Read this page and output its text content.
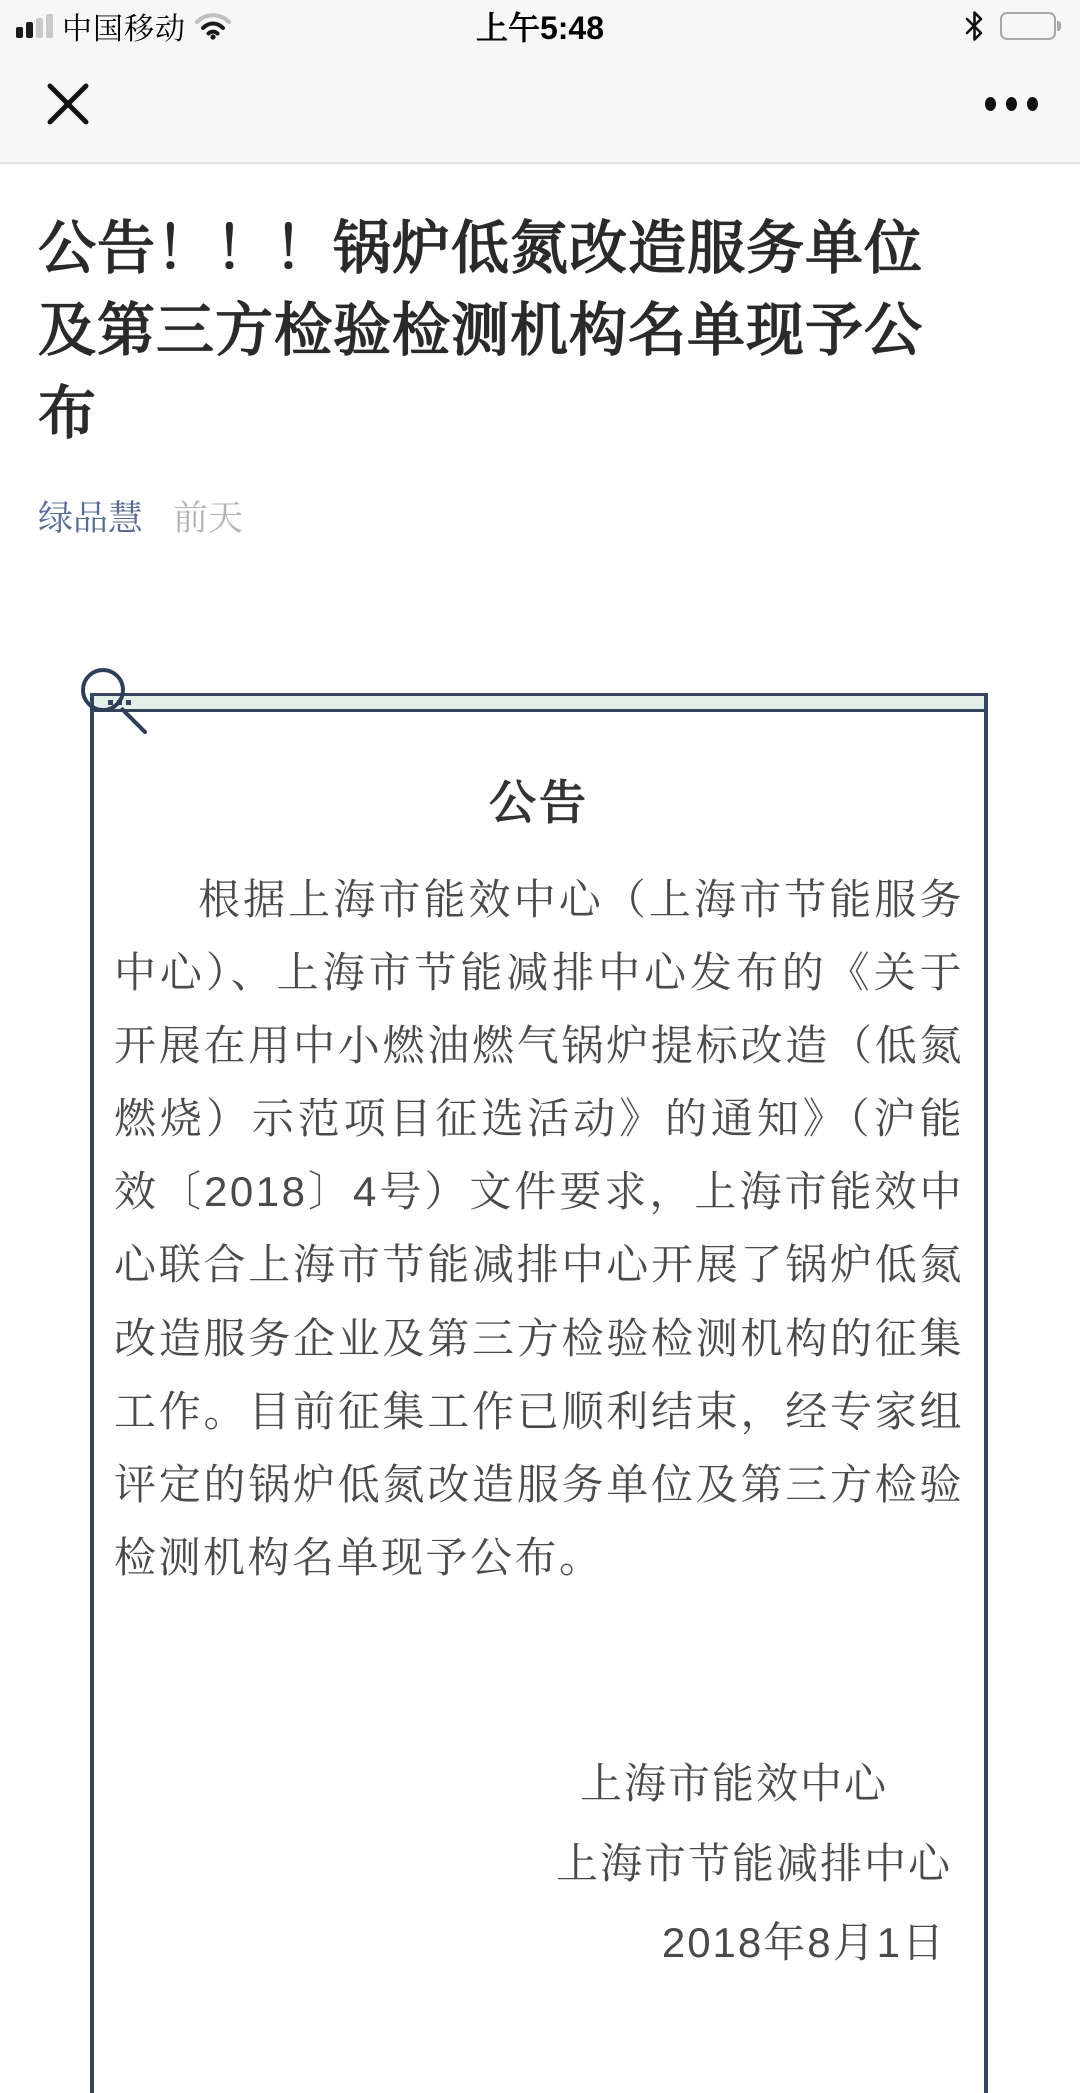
中国移动	上午5:48
公告！！！锅炉低氮改造服务单位及第三方检验检测机构名单现予公布
绿品慧 前天
公告

根据上海市能效中心（上海市节能服务中心）、上海市节能减排中心发布的《关于开展在用中小燃油燃气锅炉提标改造（低氮燃烧）示范项目征选活动》的通知》（沪能效〔2018〕4号）文件要求，上海市能效中心联合上海市节能减排中心开展了锅炉低氮改造服务企业及第三方检验检测机构的征集工作。目前征集工作已顺利结束，经专家组评定的锅炉低氮改造服务单位及第三方检验检测机构名单现予公布。

上海市能效中心
上海市节能减排中心
2018年8月1日
